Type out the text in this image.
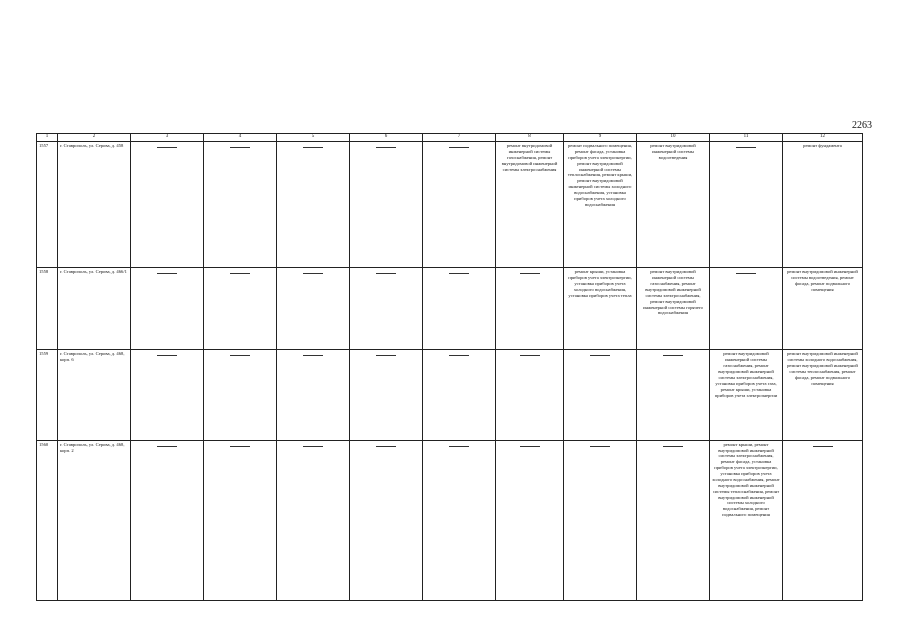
2263
1	2	3	4	5	6	7	8	9	10	11	12
1557	г. Ставрополь, ул. Серова, д. 458						ремонт внутридомовой инженерной системы газоснабжения, ремонт внутридомовой инженерной системы электроснабжения	ремонт подвального помещения, ремонт фасада, установка приборов учета электроэнергии, ремонт внутридомовой инженерной системы теплоснабжения, ремонт крыши, ремонт внутридомовой инженерной системы холодного водоснабжения, установка приборов учета холодного водоснабжения	ремонт внутридомовой инженерной системы водоотведения		ремонт фундамента
1558	г. Ставрополь, ул. Серова, д. 466/1							ремонт крыши, установка приборов учета электроэнергии, установка приборов учета холодного водоснабжения, установка приборов учета тепла	ремонт внутридомовой инженерной системы газоснабжения, ремонт внутридомовой инженерной системы электроснабжения, ремонт внутридомовой инженерной системы горячего водоснабжения		ремонт внутридомовой инженерной системы водоотведения, ремонт фасада, ремонт подвального помещения
1559	г. Ставрополь, ул. Серова, д. 468, корп. 6									ремонт внутридомовой инженерной системы газоснабжения, ремонт внутридомовой инженерной системы электроснабжения, установка приборов учета газа, ремонт крыши, установка приборов учета электроэнергии	ремонт внутридомовой инженерной системы холодного водоснабжения, ремонт внутридомовой инженерной системы теплоснабжения, ремонт фасада, ремонт подвального помещения
1560	г. Ставрополь, ул. Серова, д. 468, корп. 2									ремонт крыши, ремонт внутридомовой инженерной системы электроснабжения, ремонт фасада, установка приборов учета электроэнергии, установка приборов учета холодного водоснабжения, ремонт внутридомовой инженерной системы теплоснабжения, ремонт внутридомовой инженерной системы холодного водоснабжения, ремонт подвального помещения	
